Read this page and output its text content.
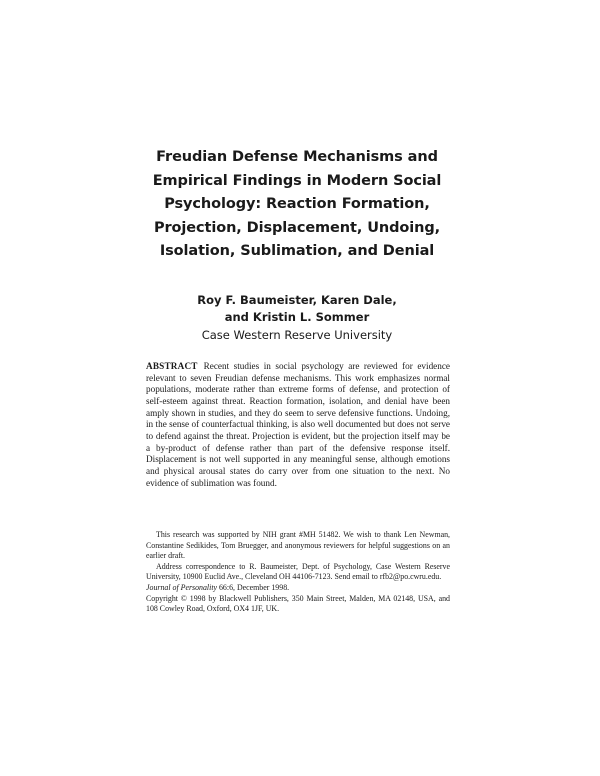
Freudian Defense Mechanisms and
Empirical Findings in Modern Social
Psychology: Reaction Formation,
Projection, Displacement, Undoing,
Isolation, Sublimation, and Denial
Roy F. Baumeister, Karen Dale,
and Kristin L. Sommer
Case Western Reserve University
ABSTRACT Recent studies in social psychology are reviewed for evidence relevant to seven Freudian defense mechanisms. This work emphasizes normal populations, moderate rather than extreme forms of defense, and protection of self-esteem against threat. Reaction formation, isolation, and denial have been amply shown in studies, and they do seem to serve defensive functions. Undoing, in the sense of counterfactual thinking, is also well documented but does not serve to defend against the threat. Projection is evident, but the projection itself may be a by-product of defense rather than part of the defensive response itself. Displacement is not well supported in any meaningful sense, although emotions and physical arousal states do carry over from one situation to the next. No evidence of sublimation was found.

This research was supported by NIH grant #MH 51482. We wish to thank Len Newman, Constantine Sedikides, Tom Bruegger, and anonymous reviewers for helpful suggestions on an earlier draft.

Address correspondence to R. Baumeister, Dept. of Psychology, Case Western Reserve University, 10900 Euclid Ave., Cleveland OH 44106-7123. Send email to rfb2@po.cwru.edu.

Journal of Personality 66:6, December 1998.

Copyright © 1998 by Blackwell Publishers, 350 Main Street, Malden, MA 02148, USA, and 108 Cowley Road, Oxford, OX4 1JF, UK.
